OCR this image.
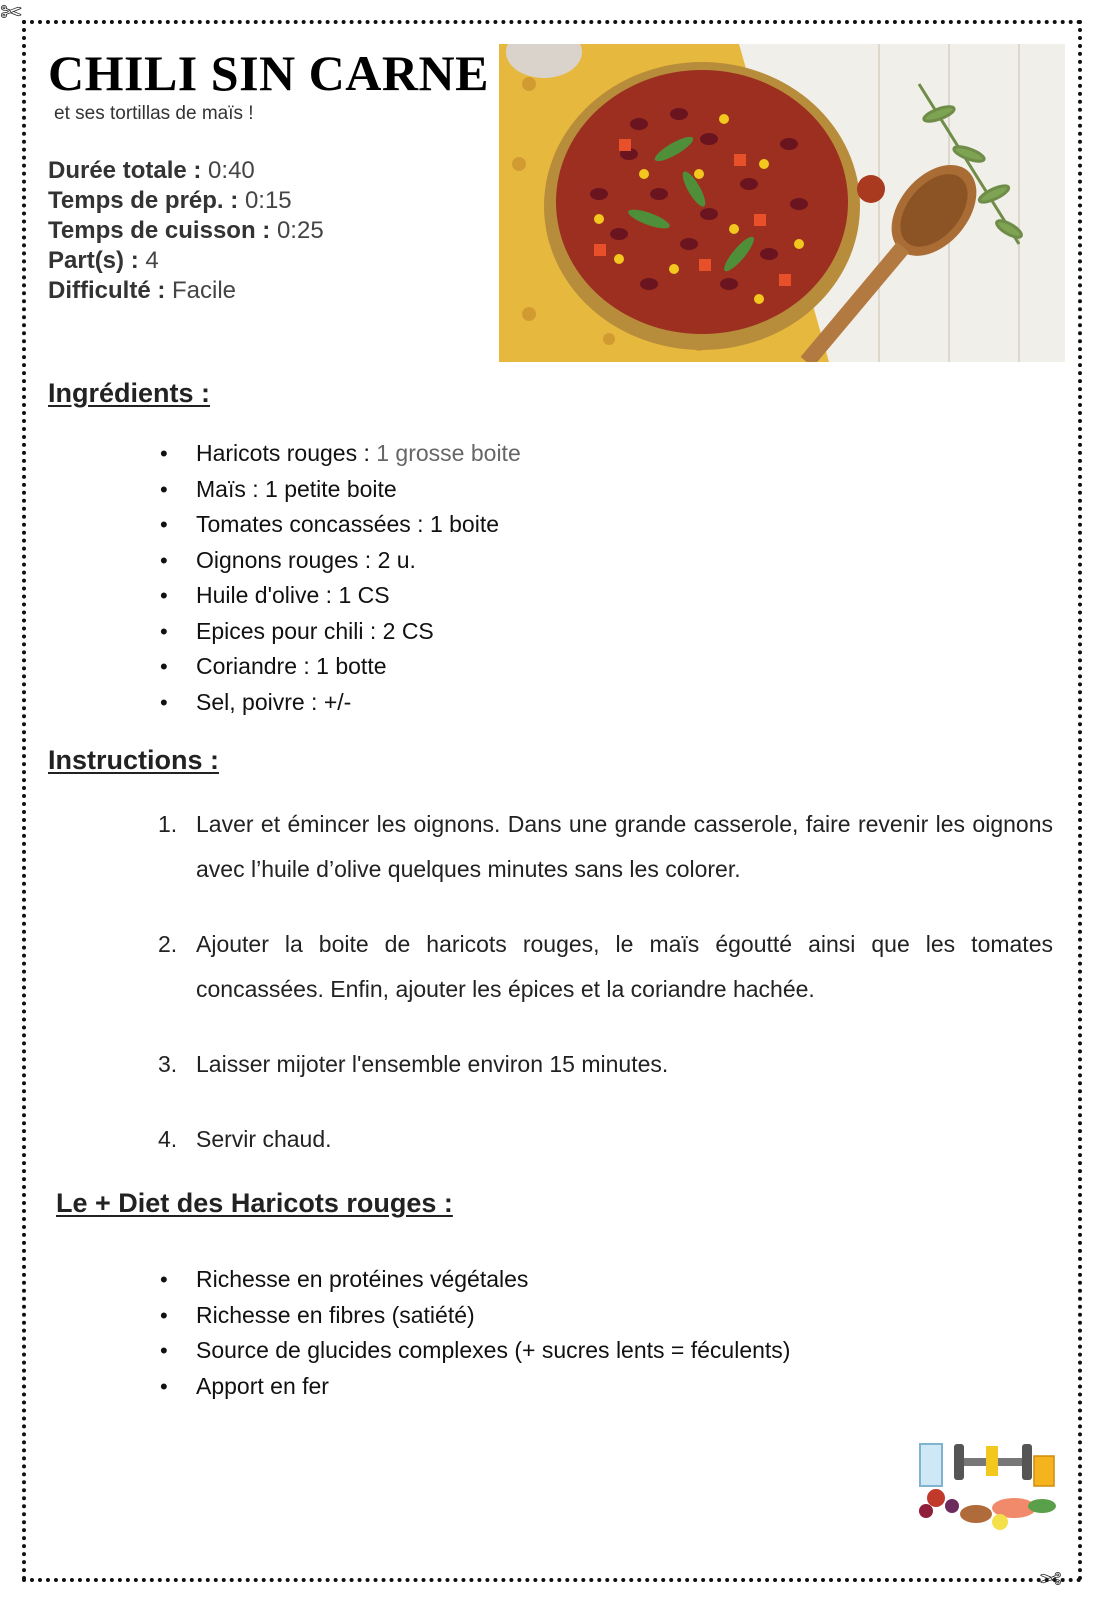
✄
✄
CHILI SIN CARNE
et ses tortillas de maïs !
Durée totale : 0:40
Temps de prép. : 0:15
Temps de cuisson : 0:25
Part(s) : 4
Difficulté : Facile
Ingrédients :
• Haricots rouges : 1 grosse boite
• Maïs : 1 petite boite
• Tomates concassées : 1 boite
• Oignons rouges : 2 u.
• Huile d'olive : 1 CS
• Epices pour chili : 2 CS
• Coriandre : 1 botte
• Sel, poivre : +/-
Instructions :
1. Laver et émincer les oignons. Dans une grande casserole, faire revenir les oignons avec l’huile d’olive quelques minutes sans les colorer.
2. Ajouter la boite de haricots rouges, le maïs égoutté ainsi que les tomates concassées. Enfin, ajouter les épices et la coriandre hachée.
3. Laisser mijoter l'ensemble environ 15 minutes.
4. Servir chaud.
Le + Diet des Haricots rouges :
• Richesse en protéines végétales
• Richesse en fibres (satiété)
• Source de glucides complexes (+ sucres lents = féculents)
• Apport en fer
